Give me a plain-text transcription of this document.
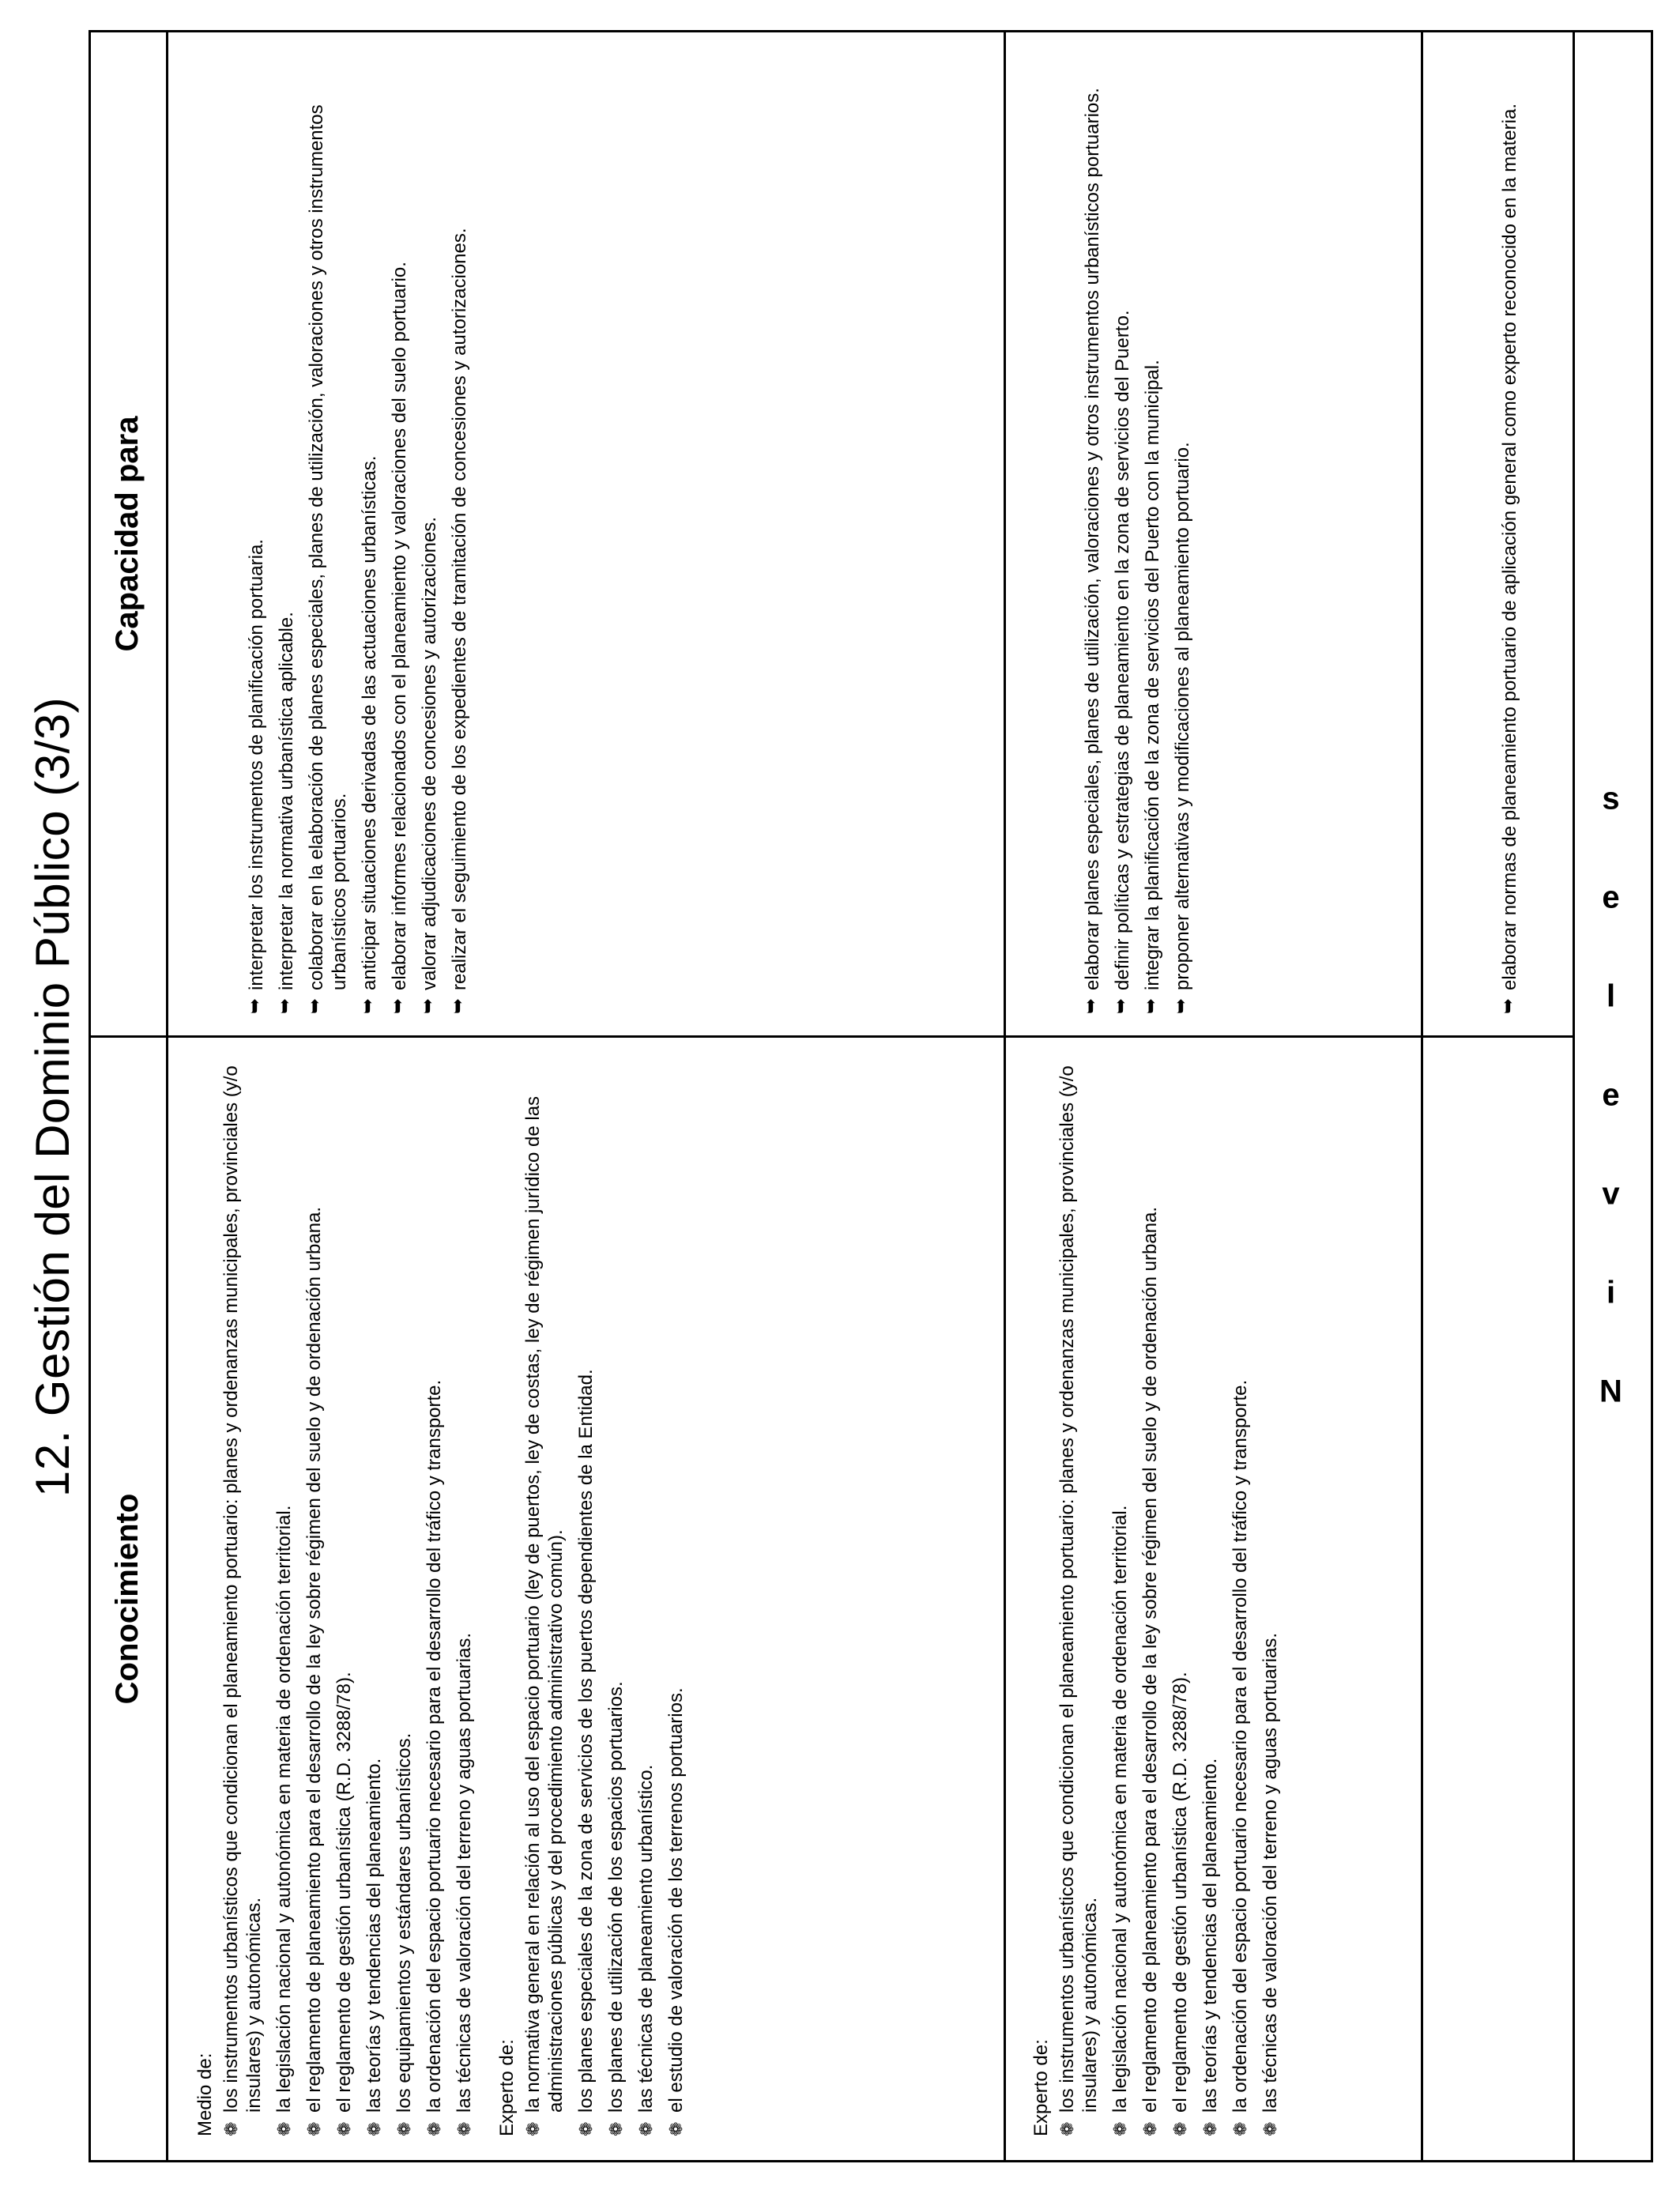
12. Gestión del Dominio Público (3/3)
Conocimiento
Capacidad para
Medio de: ❁
los instrumentos urbanísticos que condicionan el planeamiento portuario: planes y ordenanzas municipales, provinciales (y/o insulares) y autonómicas.
❁
la legislación nacional y autonómica en materia de ordenación territorial.
❁
el reglamento de planeamiento para el desarrollo de la ley sobre régimen del suelo y de ordenación urbana.
❁
el reglamento de gestión urbanística (R.D. 3288/78).
❁
las teorías y tendencias del planeamiento.
❁
los equipamientos y estándares urbanísticos.
❁
la ordenación del espacio portuario necesario para el desarrollo del tráfico y transporte.
❁
las técnicas de valoración del terreno y aguas portuarias. Experto de: ❁
la normativa general en relación al uso del espacio portuario (ley de puertos, ley de costas, ley de régimen jurídico de las administraciones públicas y del procedimiento administrativo común).
❁
los planes especiales de la zona de servicios de los puertos dependientes de la Entidad.
❁
los planes de utilización de los espacios portuarios.
❁
las técnicas de planeamiento urbanístico.
❁
el estudio de valoración de los terrenos portuarios.
➥
interpretar los instrumentos de planificación portuaria.
➥
interpretar la normativa urbanística aplicable.
➥
colaborar en la elaboración de planes especiales, planes de utilización, valoraciones y otros instrumentos urbanísticos portuarios.
➥
anticipar situaciones derivadas de las actuaciones urbanísticas.
➥
elaborar informes relacionados con el planeamiento y valoraciones del suelo portuario.
➥
valorar adjudicaciones de concesiones y autorizaciones.
➥
realizar el seguimiento de los expedientes de tramitación de concesiones y autorizaciones.
Experto de: ❁
los instrumentos urbanísticos que condicionan el planeamiento portuario: planes y ordenanzas municipales, provinciales (y/o insulares) y autonómicas.
❁
la legislación nacional y autonómica en materia de ordenación territorial.
❁
el reglamento de planeamiento para el desarrollo de la ley sobre régimen del suelo y de ordenación urbana.
❁
el reglamento de gestión urbanística (R.D. 3288/78).
❁
las teorías y tendencias del planeamiento.
❁
la ordenación del espacio portuario necesario para el desarrollo del tráfico y transporte.
❁
las técnicas de valoración del terreno y aguas portuarias.
➥
elaborar planes especiales, planes de utilización, valoraciones y otros instrumentos urbanísticos portuarios.
➥
definir políticas y estrategias de planeamiento en la zona de servicios del Puerto.
➥
integrar la planificación de la zona de servicios del Puerto con la municipal.
➥
proponer alternativas y modificaciones al planeamiento portuario.
➥
elaborar normas de planeamiento portuario de aplicación general como experto reconocido en la materia.
N
i
v
e
l
e
s
